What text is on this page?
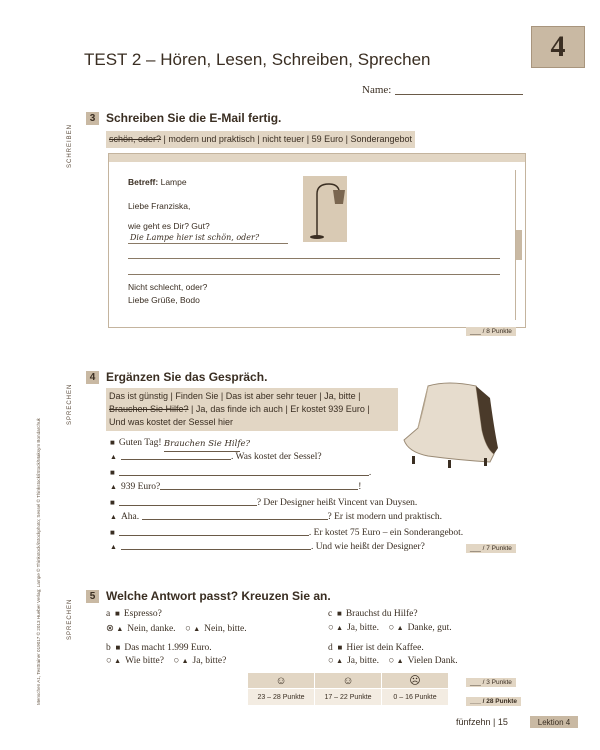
TEST 2 – Hören, Lesen, Schreiben, Sprechen	4
Name:
SCHREIBEN
SPRECHEN
SPRECHEN
Menschen A1, Testtrainer 019017 © 2013 Hueber Verlag; Lampe © Thinkstock/iStockphoto; Sessel © Thinkstock/iStock/Maksym Bondarchuk
3 Schreiben Sie die E-Mail fertig.
schön, oder? | modern und praktisch | nicht teuer | 59 Euro | Sonderangebot
Betreff: Lampe
Liebe Franziska,
wie geht es Dir? Gut?
Die Lampe hier ist schön, oder?
Nicht schlecht, oder?
Liebe Grüße, Bodo
___ / 8 Punkte
4 Ergänzen Sie das Gespräch.
Das ist günstig | Finden Sie | Das ist aber sehr teuer | Ja, bitte |
Brauchen Sie Hilfe? | Ja, das finde ich auch | Er kostet 939 Euro |
Und was kostet der Sessel hier
■ Guten Tag! Brauchen Sie Hilfe?
▲	. Was kostet der Sessel?
■	.
▲ 939 Euro?	!
■	? Der Designer heißt Vincent van Duysen.
▲ Aha.	? Er ist modern und praktisch.
■	. Er kostet 75 Euro – ein Sonderangebot.
▲	. Und wie heißt der Designer?	___ / 7 Punkte
5 Welche Antwort passt? Kreuzen Sie an.
a ■ Espresso?
⊗ ▲ Nein, danke. ○ ▲ Nein, bitte.
b ■ Das macht 1.999 Euro.
○ ▲ Wie bitte? ○ ▲ Ja, bitte?
c ■ Brauchst du Hilfe?
○ ▲ Ja, bitte. ○ ▲ Danke, gut.
d ■ Hier ist dein Kaffee.
○ ▲ Ja, bitte. ○ ▲ Vielen Dank.
___ / 3 Punkte
___ / 28 Punkte
☺
23 – 28 Punkte
☺
17 – 22 Punkte
☹
0 – 16 Punkte
fünfzehn | 15	Lektion 4
